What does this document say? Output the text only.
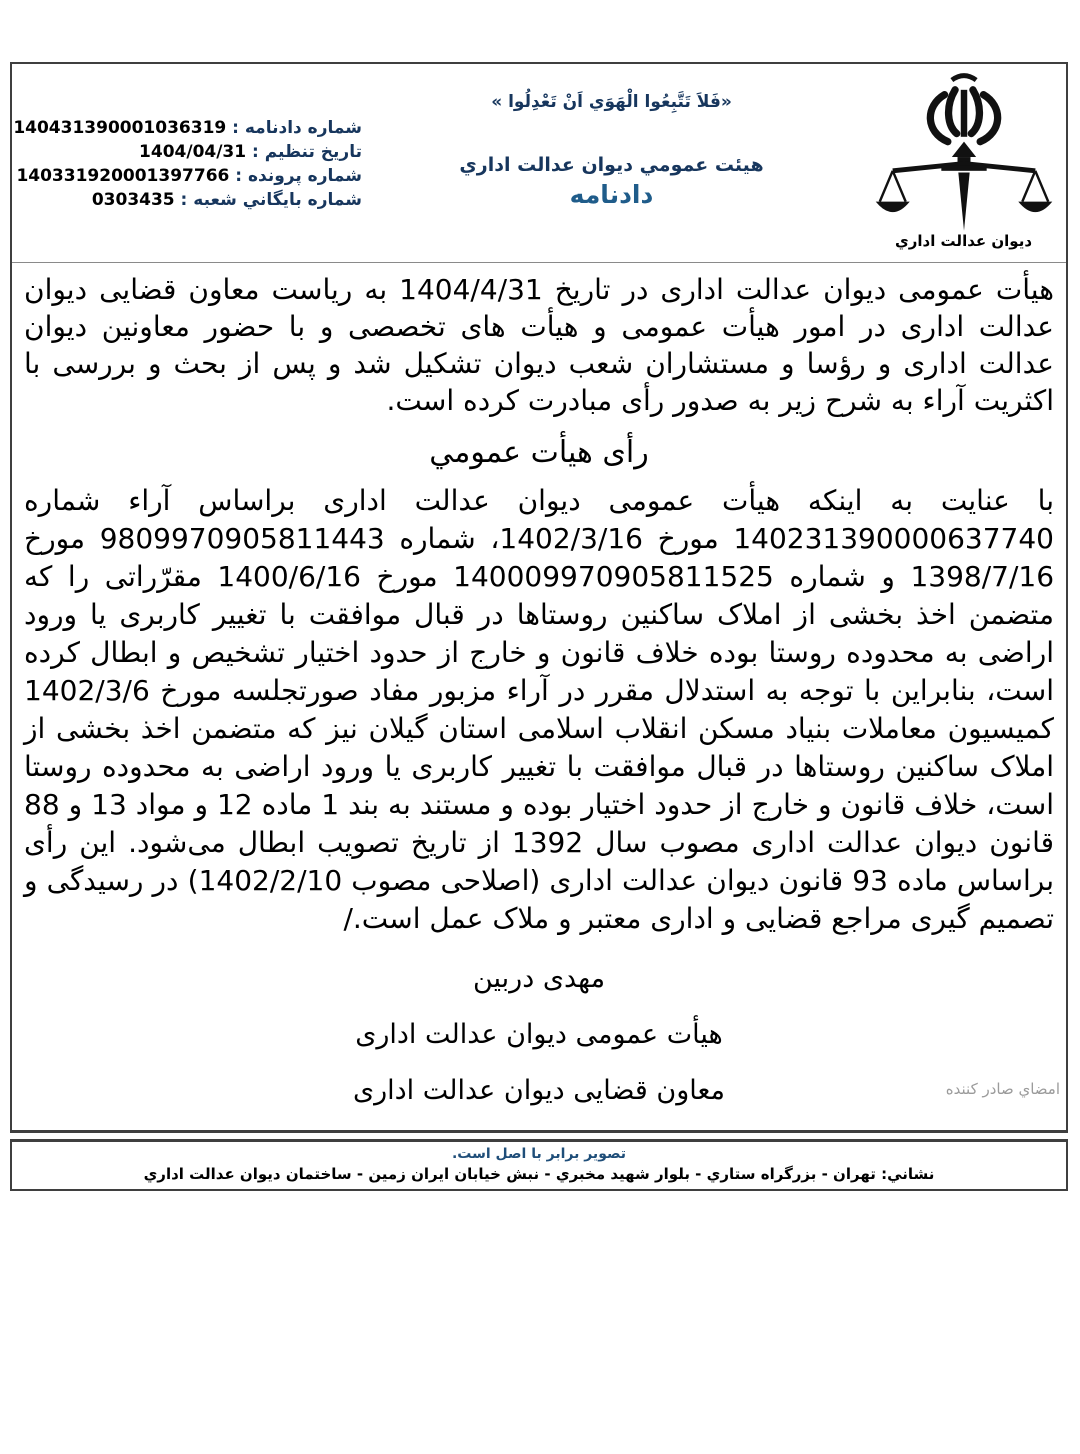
دیوان عدالت اداري
«فَلاَ تَتَّبِعُوا الْهَوَي اَنْ تَعْدِلُوا »
هیئت عمومي دیوان عدالت اداري
دادنامه
شماره دادنامه : 140431390001036319
تاریخ تنظیم : 1404/04/31
شماره پرونده : 140331920001397766
شماره بایگاني شعبه : 0303435

هیأت عمومی دیوان عدالت اداری در تاریخ 1404/4/31 به ریاست معاون قضایی دیوان عدالت اداری در امور هیأت عمومی و هیأت های تخصصی و با حضور معاونین دیوان عدالت اداری و رؤسا و مستشاران شعب دیوان تشکیل شد و پس از بحث و بررسی با اکثریت آراء به شرح زیر به صدور رأی مبادرت کرده است.

رأی هیأت عمومي

با عنایت به اینکه هیأت عمومی دیوان عدالت اداری براساس آراء شماره 140231390000637740 مورخ 1402/3/16، شماره 9809970905811443 مورخ 1398/7/16 و شماره 140009970905811525 مورخ 1400/6/16 مقرّراتی را که متضمن اخذ بخشی از املاک ساکنین روستاها در قبال موافقت با تغییر کاربری یا ورود اراضی به محدوده روستا بوده خلاف قانون و خارج از حدود اختیار تشخیص و ابطال کرده است، بنابراین با توجه به استدلال مقرر در آراء مزبور مفاد صورتجلسه مورخ 1402/3/6 کمیسیون معاملات بنیاد مسکن انقلاب اسلامی استان گیلان نیز که متضمن اخذ بخشی از املاک ساکنین روستاها در قبال موافقت با تغییر کاربری یا ورود اراضی به محدوده روستا است، خلاف قانون و خارج از حدود اختیار بوده و مستند به بند 1 ماده 12 و مواد 13 و 88 قانون دیوان عدالت اداری مصوب سال 1392 از تاریخ تصویب ابطال می‌شود. این رأی براساس ماده 93 قانون دیوان عدالت اداری (اصلاحی مصوب 1402/2/10) در رسیدگی و تصمیم گیری مراجع قضایی و اداری معتبر و ملاک عمل است./

مهدی دربین
هیأت عمومی دیوان عدالت اداری
معاون قضایی دیوان عدالت اداری	امضاي صادر كننده
تصویر برابر با اصل است.
نشاني: تهران - بزرگراه ستاري - بلوار شهید مخبري - نبش خیابان ایران زمین - ساختمان دیوان عدالت اداري
